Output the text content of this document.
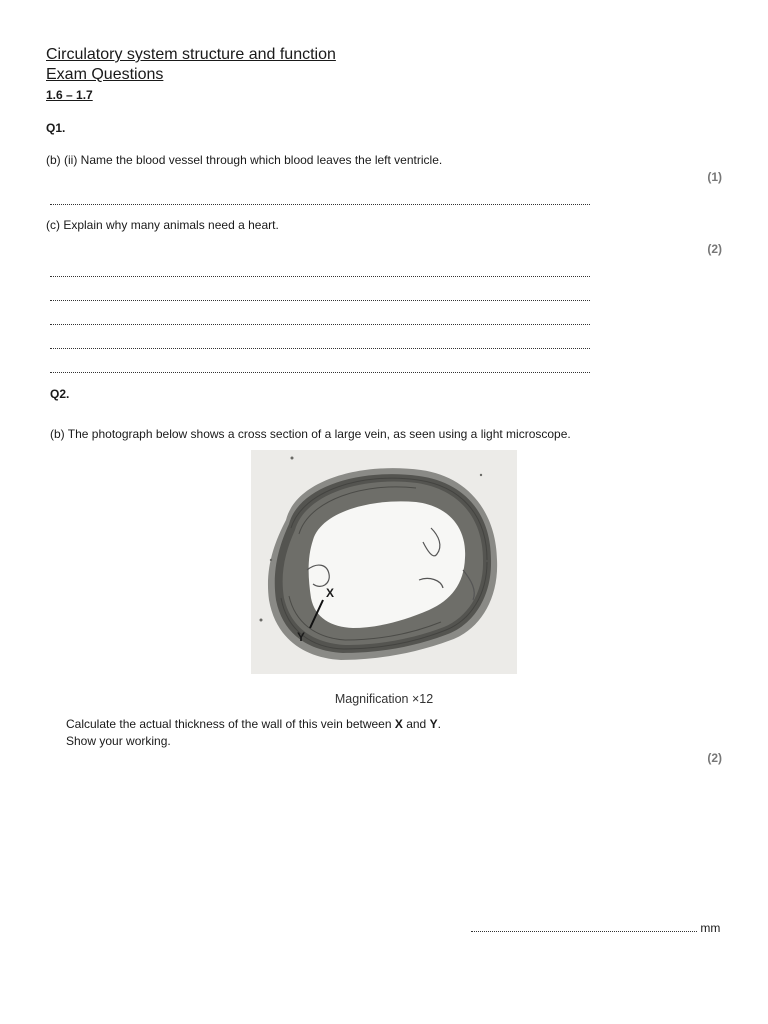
Circulatory system structure and function
Exam Questions
1.6 – 1.7
Q1.
(b) (ii) Name the blood vessel through which blood leaves the left ventricle.
(1)
(c) Explain why many animals need a heart.
(2)
Q2.
(b) The photograph below shows a cross section of a large vein, as seen using a light microscope.
X
Y
Magnification ×12
Calculate the actual thickness of the wall of this vein between X and Y.
Show your working.
(2)
mm
